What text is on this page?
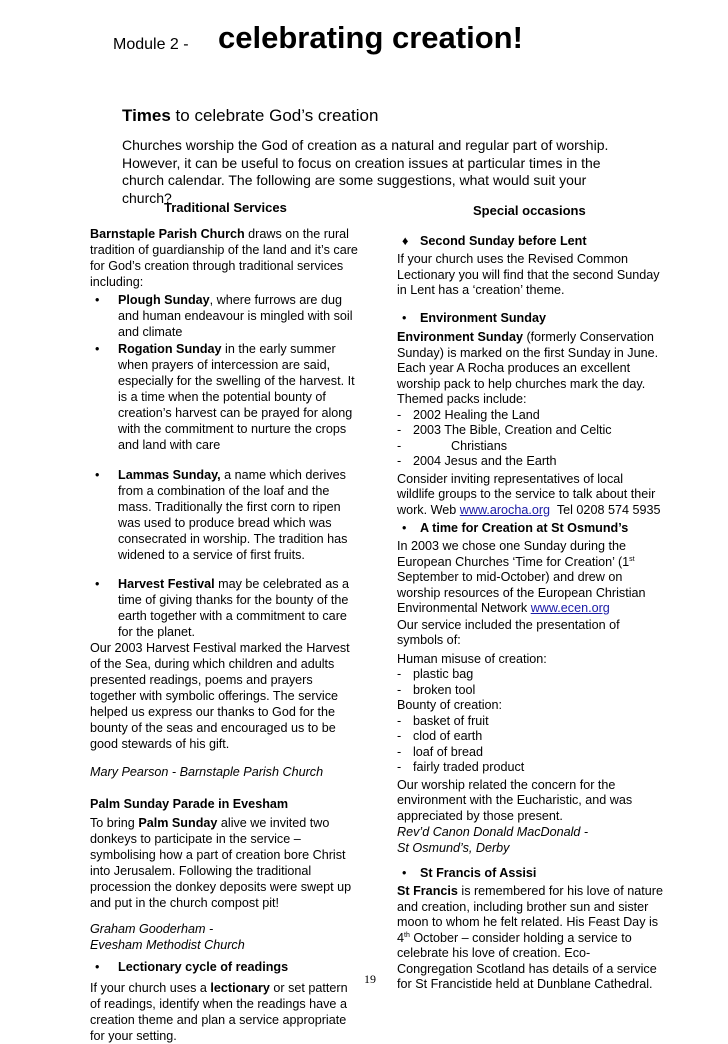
Module 2 - celebrating creation!
Times to celebrate God’s creation
Churches worship the God of creation as a natural and regular part of worship. However, it can be useful to focus on creation issues at particular times in the church calendar. The following are some suggestions, what would suit your church?
Traditional Services	Special occasions
Barnstaple Parish Church draws on the rural tradition of guardianship of the land and it’s care for God’s creation through traditional services including:
• Plough Sunday, where furrows are dug and human endeavour is mingled with soil and climate
• Rogation Sunday in the early summer when prayers of intercession are said, especially for the swelling of the harvest. It is a time when the potential bounty of creation’s harvest can be prayed for along with the commitment to nurture the crops and land with care
• Lammas Sunday, a name which derives from a combination of the loaf and the mass. Traditionally the first corn to ripen was used to produce bread which was consecrated in worship. The tradition has widened to a service of first fruits.
• Harvest Festival may be celebrated as a time of giving thanks for the bounty of the earth together with a commitment to care for the planet.
Our 2003 Harvest Festival marked the Harvest of the Sea, during which children and adults presented readings, poems and prayers together with symbolic offerings. The service helped us express our thanks to God for the bounty of the seas and encouraged us to be good stewards of his gift.
Mary Pearson - Barnstaple Parish Church
Palm Sunday Parade in Evesham
To bring Palm Sunday alive we invited two donkeys to participate in the service – symbolising how a part of creation bore Christ into Jerusalem. Following the traditional procession the donkey deposits were swept up and put in the church compost pit!
Graham Gooderham -
Evesham Methodist Church
• Lectionary cycle of readings
If your church uses a lectionary or set pattern of readings, identify when the readings have a creation theme and plan a service appropriate for your setting.
♦ Second Sunday before Lent
If your church uses the Revised Common Lectionary you will find that the second Sunday in Lent has a ‘creation’ theme.
• Environment Sunday
Environment Sunday (formerly Conservation Sunday) is marked on the first Sunday in June. Each year A Rocha produces an excellent worship pack to help churches mark the day. Themed packs include:
- 2002 Healing the Land
- 2003 The Bible, Creation and Celtic
-	Christians
- 2004 Jesus and the Earth
Consider inviting representatives of local wildlife groups to the service to talk about their work. Web www.arocha.org  Tel 0208 574 5935
• A time for Creation at St Osmund’s
In 2003 we chose one Sunday during the European Churches ‘Time for Creation’ (1st September to mid-October) and drew on worship resources of the European Christian Environmental Network www.ecen.org
Our service included the presentation of symbols of:
Human misuse of creation:
- plastic bag
- broken tool
Bounty of creation:
- basket of fruit
- clod of earth
- loaf of bread
- fairly traded product
Our worship related the concern for the environment with the Eucharistic, and was appreciated by those present.
Rev’d Canon Donald MacDonald -
St Osmund’s, Derby
• St Francis of Assisi
St Francis is remembered for his love of nature and creation, including brother sun and sister moon to whom he felt related. His Feast Day is 4th October – consider holding a service to celebrate his love of creation. Eco-Congregation Scotland has details of a service for St Francistide held at Dunblane Cathedral.
19
